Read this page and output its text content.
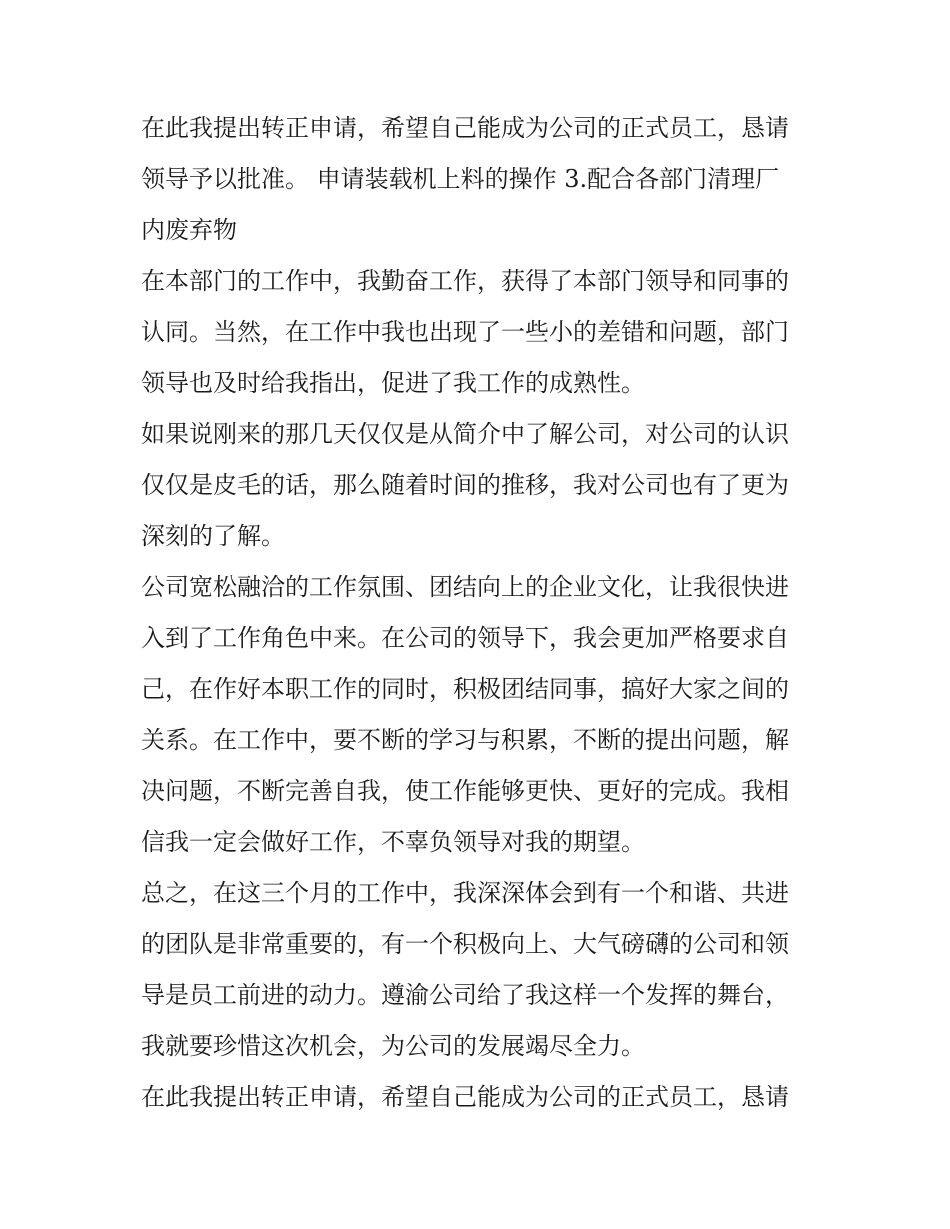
在此我提出转正申请，希望自己能成为公司的正式员工，恳请
领导予以批准。 申请装载机上料的操作 3.配合各部门清理厂
内废弃物
在本部门的工作中，我勤奋工作，获得了本部门领导和同事的
认同。当然，在工作中我也出现了一些小的差错和问题，部门
领导也及时给我指出，促进了我工作的成熟性。
如果说刚来的那几天仅仅是从简介中了解公司，对公司的认识
仅仅是皮毛的话，那么随着时间的推移，我对公司也有了更为
深刻的了解。
公司宽松融洽的工作氛围、团结向上的企业文化，让我很快进
入到了工作角色中来。在公司的领导下，我会更加严格要求自
己，在作好本职工作的同时，积极团结同事，搞好大家之间的
关系。在工作中，要不断的学习与积累，不断的提出问题，解
决问题，不断完善自我，使工作能够更快、更好的完成。我相
信我一定会做好工作，不辜负领导对我的期望。
总之，在这三个月的工作中，我深深体会到有一个和谐、共进
的团队是非常重要的，有一个积极向上、大气磅礴的公司和领
导是员工前进的动力。遵渝公司给了我这样一个发挥的舞台，
我就要珍惜这次机会，为公司的发展竭尽全力。
在此我提出转正申请，希望自己能成为公司的正式员工，恳请
